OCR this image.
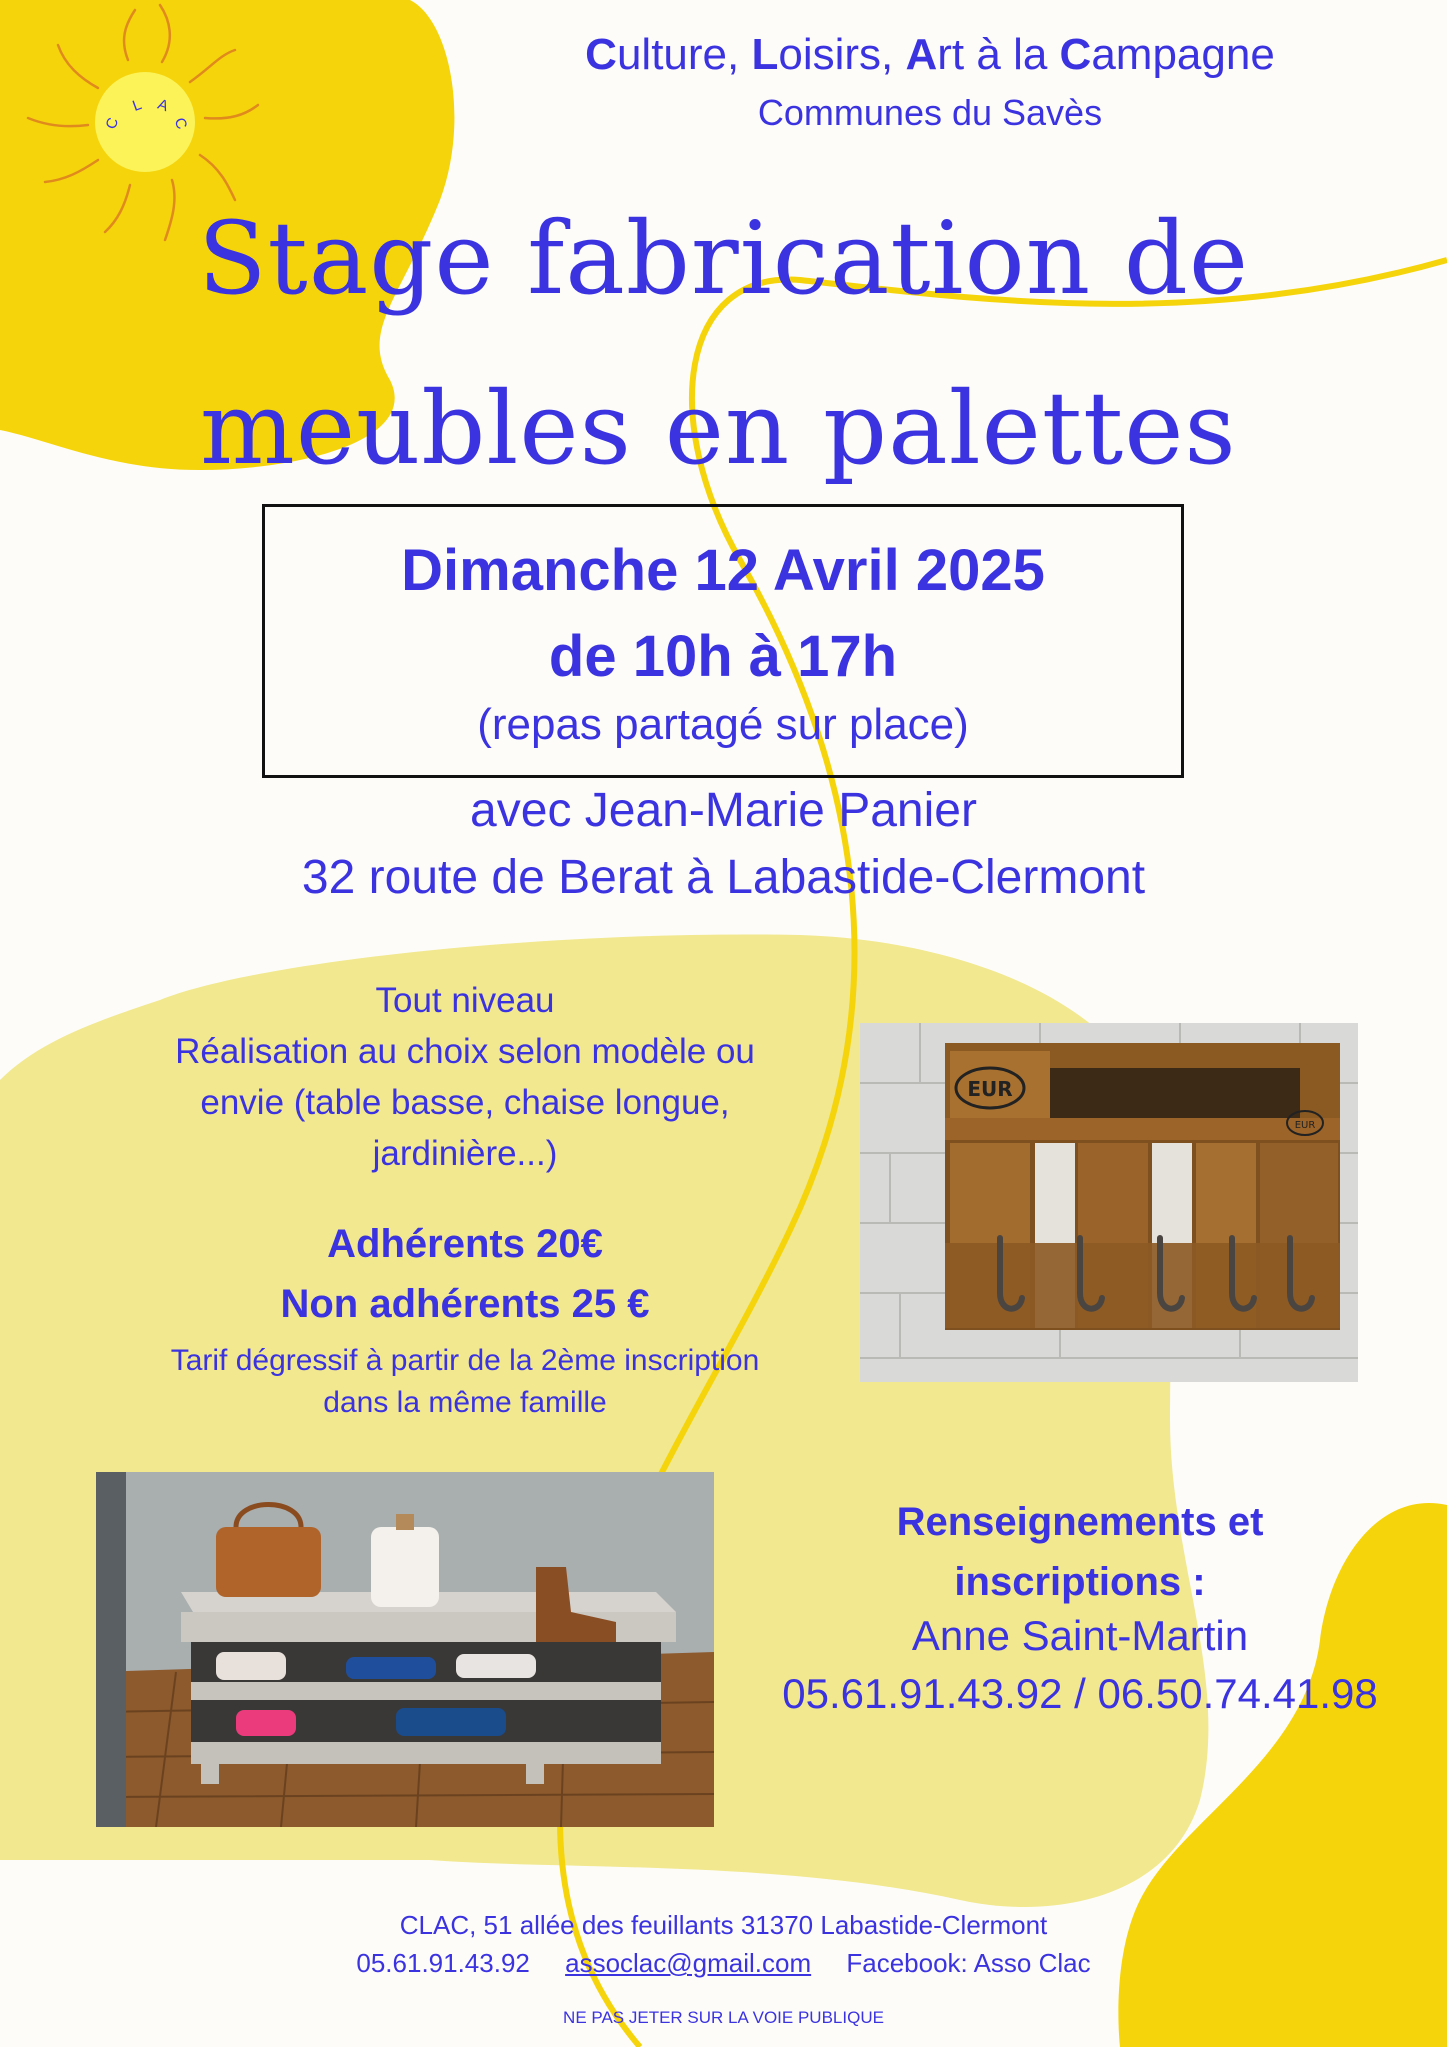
C
L A
C
Culture, Loisirs, Art à la Campagne
Communes du Savès
Stage fabrication de
meubles en palettes
Dimanche 12 Avril 2025
de 10h à 17h
(repas partagé sur place)
avec Jean-Marie Panier
32 route de Berat à Labastide-Clermont
Tout niveau
Réalisation au choix selon modèle ou
envie (table basse, chaise longue,
jardinière...)
Adhérents 20€
Non adhérents 25 €
Tarif dégressif à partir de la 2ème inscription
dans la même famille
EUR
EUR
Renseignements et
inscriptions :
Anne Saint-Martin
05.61.91.43.92 / 06.50.74.41.98
CLAC, 51 allée des feuillants 31370 Labastide-Clermont
05.61.91.43.92 assoclac@gmail.com Facebook: Asso Clac
NE PAS JETER SUR LA VOIE PUBLIQUE
